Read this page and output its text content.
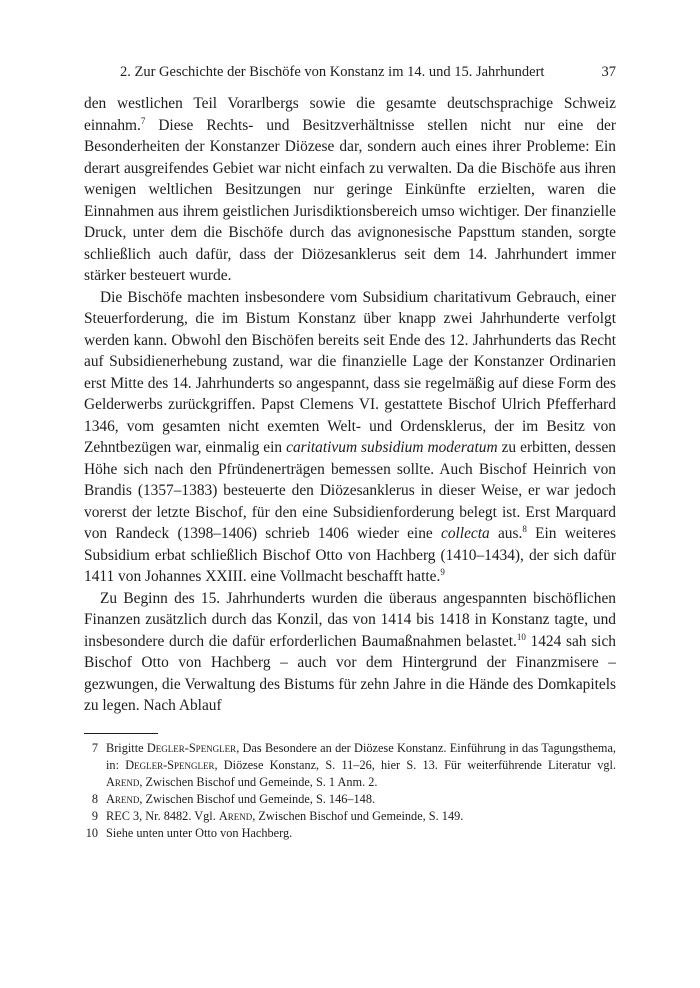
2. Zur Geschichte der Bischöfe von Konstanz im 14. und 15. Jahrhundert	37

den westlichen Teil Vorarlbergs sowie die gesamte deutschsprachige Schweiz einnahm.$^7$ Diese Rechts- und Besitzverhältnisse stellen nicht nur eine der Besonderheiten der Konstanzer Diözese dar, sondern auch eines ihrer Probleme: Ein derart ausgreifendes Gebiet war nicht einfach zu verwalten. Da die Bischöfe aus ihren wenigen weltlichen Besitzungen nur geringe Einkünfte erzielten, waren die Einnahmen aus ihrem geistlichen Jurisdiktionsbereich umso wichtiger. Der finanzielle Druck, unter dem die Bischöfe durch das avignonesische Papsttum standen, sorgte schließlich auch dafür, dass der Diözesanklerus seit dem 14. Jahrhundert immer stärker besteuert wurde.

Die Bischöfe machten insbesondere vom Subsidium charitativum Gebrauch, einer Steuerforderung, die im Bistum Konstanz über knapp zwei Jahrhunderte verfolgt werden kann. Obwohl den Bischöfen bereits seit Ende des 12. Jahrhunderts das Recht auf Subsidienerhebung zustand, war die finanzielle Lage der Konstanzer Ordinarien erst Mitte des 14. Jahrhunderts so angespannt, dass sie regelmäßig auf diese Form des Gelderwerbs zurückgriffen. Papst Clemens VI. gestattete Bischof Ulrich Pfefferhard 1346, vom gesamten nicht exemten Welt- und Ordensklerus, der im Besitz von Zehntbezügen war, einmalig ein caritativum subsidium moderatum zu erbitten, dessen Höhe sich nach den Pfründenerträgen bemessen sollte. Auch Bischof Heinrich von Brandis (1357–1383) besteuerte den Diözesanklerus in dieser Weise, er war jedoch vorerst der letzte Bischof, für den eine Subsidienforderung belegt ist. Erst Marquard von Randeck (1398–1406) schrieb 1406 wieder eine collecta aus.$^8$ Ein weiteres Subsidium erbat schließlich Bischof Otto von Hachberg (1410–1434), der sich dafür 1411 von Johannes XXIII. eine Vollmacht beschafft hatte.$^9$

Zu Beginn des 15. Jahrhunderts wurden die überaus angespannten bischöflichen Finanzen zusätzlich durch das Konzil, das von 1414 bis 1418 in Konstanz tagte, und insbesondere durch die dafür erforderlichen Baumaßnahmen belastet.$^{10}$ 1424 sah sich Bischof Otto von Hachberg – auch vor dem Hintergrund der Finanzmisere – gezwungen, die Verwaltung des Bistums für zehn Jahre in die Hände des Domkapitels zu legen. Nach Ablauf

7 Brigitte Degler-Spengler, Das Besondere an der Diözese Konstanz. Einführung in das Tagungsthema, in: Degler-Spengler, Diözese Konstanz, S. 11–26, hier S. 13. Für weiterführende Literatur vgl. Arend, Zwischen Bischof und Gemeinde, S. 1 Anm. 2.
8 Arend, Zwischen Bischof und Gemeinde, S. 146–148.
9 REC 3, Nr. 8482. Vgl. Arend, Zwischen Bischof und Gemeinde, S. 149.
10 Siehe unten unter Otto von Hachberg.
